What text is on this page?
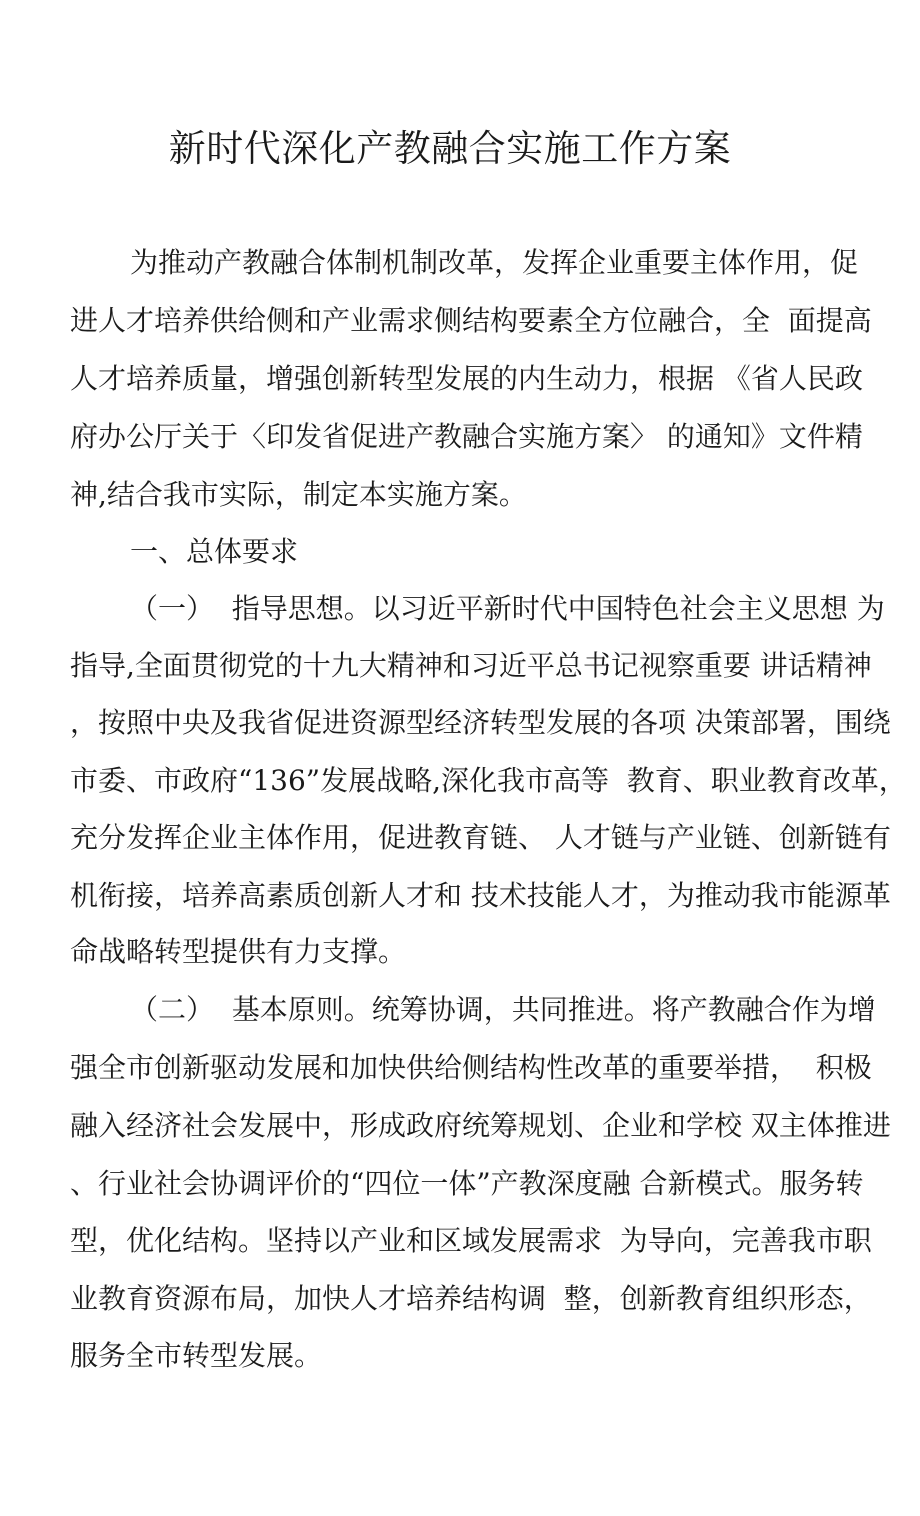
新时代深化产教融合实施工作方案

为推动产教融合体制机制改革，发挥企业重要主体作用，促

进人才培养供给侧和产业需求侧结构要素全方位融合，全  面提高

人才培养质量，增强创新转型发展的内生动力，根据 《省人民政

府办公厅关于〈印发省促进产教融合实施方案〉 的通知》文件精

神,结合我市实际，制定本实施方案。

一、总体要求

（一）  指导思想。以习近平新时代中国特色社会主义思想 为

指导,全面贯彻党的十九大精神和习近平总书记视察重要 讲话精神

，按照中央及我省促进资源型经济转型发展的各项 决策部署，围绕

市委、市政府“136”发展战略,深化我市高等  教育、职业教育改革，

充分发挥企业主体作用，促进教育链、 人才链与产业链、创新链有

机衔接，培养高素质创新人才和 技术技能人才，为推动我市能源革

命战略转型提供有力支撑。

（二）  基本原则。统筹协调，共同推进。将产教融合作为增

强全市创新驱动发展和加快供给侧结构性改革的重要举措，  积极

融入经济社会发展中，形成政府统筹规划、企业和学校 双主体推进

、行业社会协调评价的“四位一体”产教深度融 合新模式。服务转

型，优化结构。坚持以产业和区域发展需求  为导向，完善我市职

业教育资源布局，加快人才培养结构调  整，创新教育组织形态，

服务全市转型发展。
